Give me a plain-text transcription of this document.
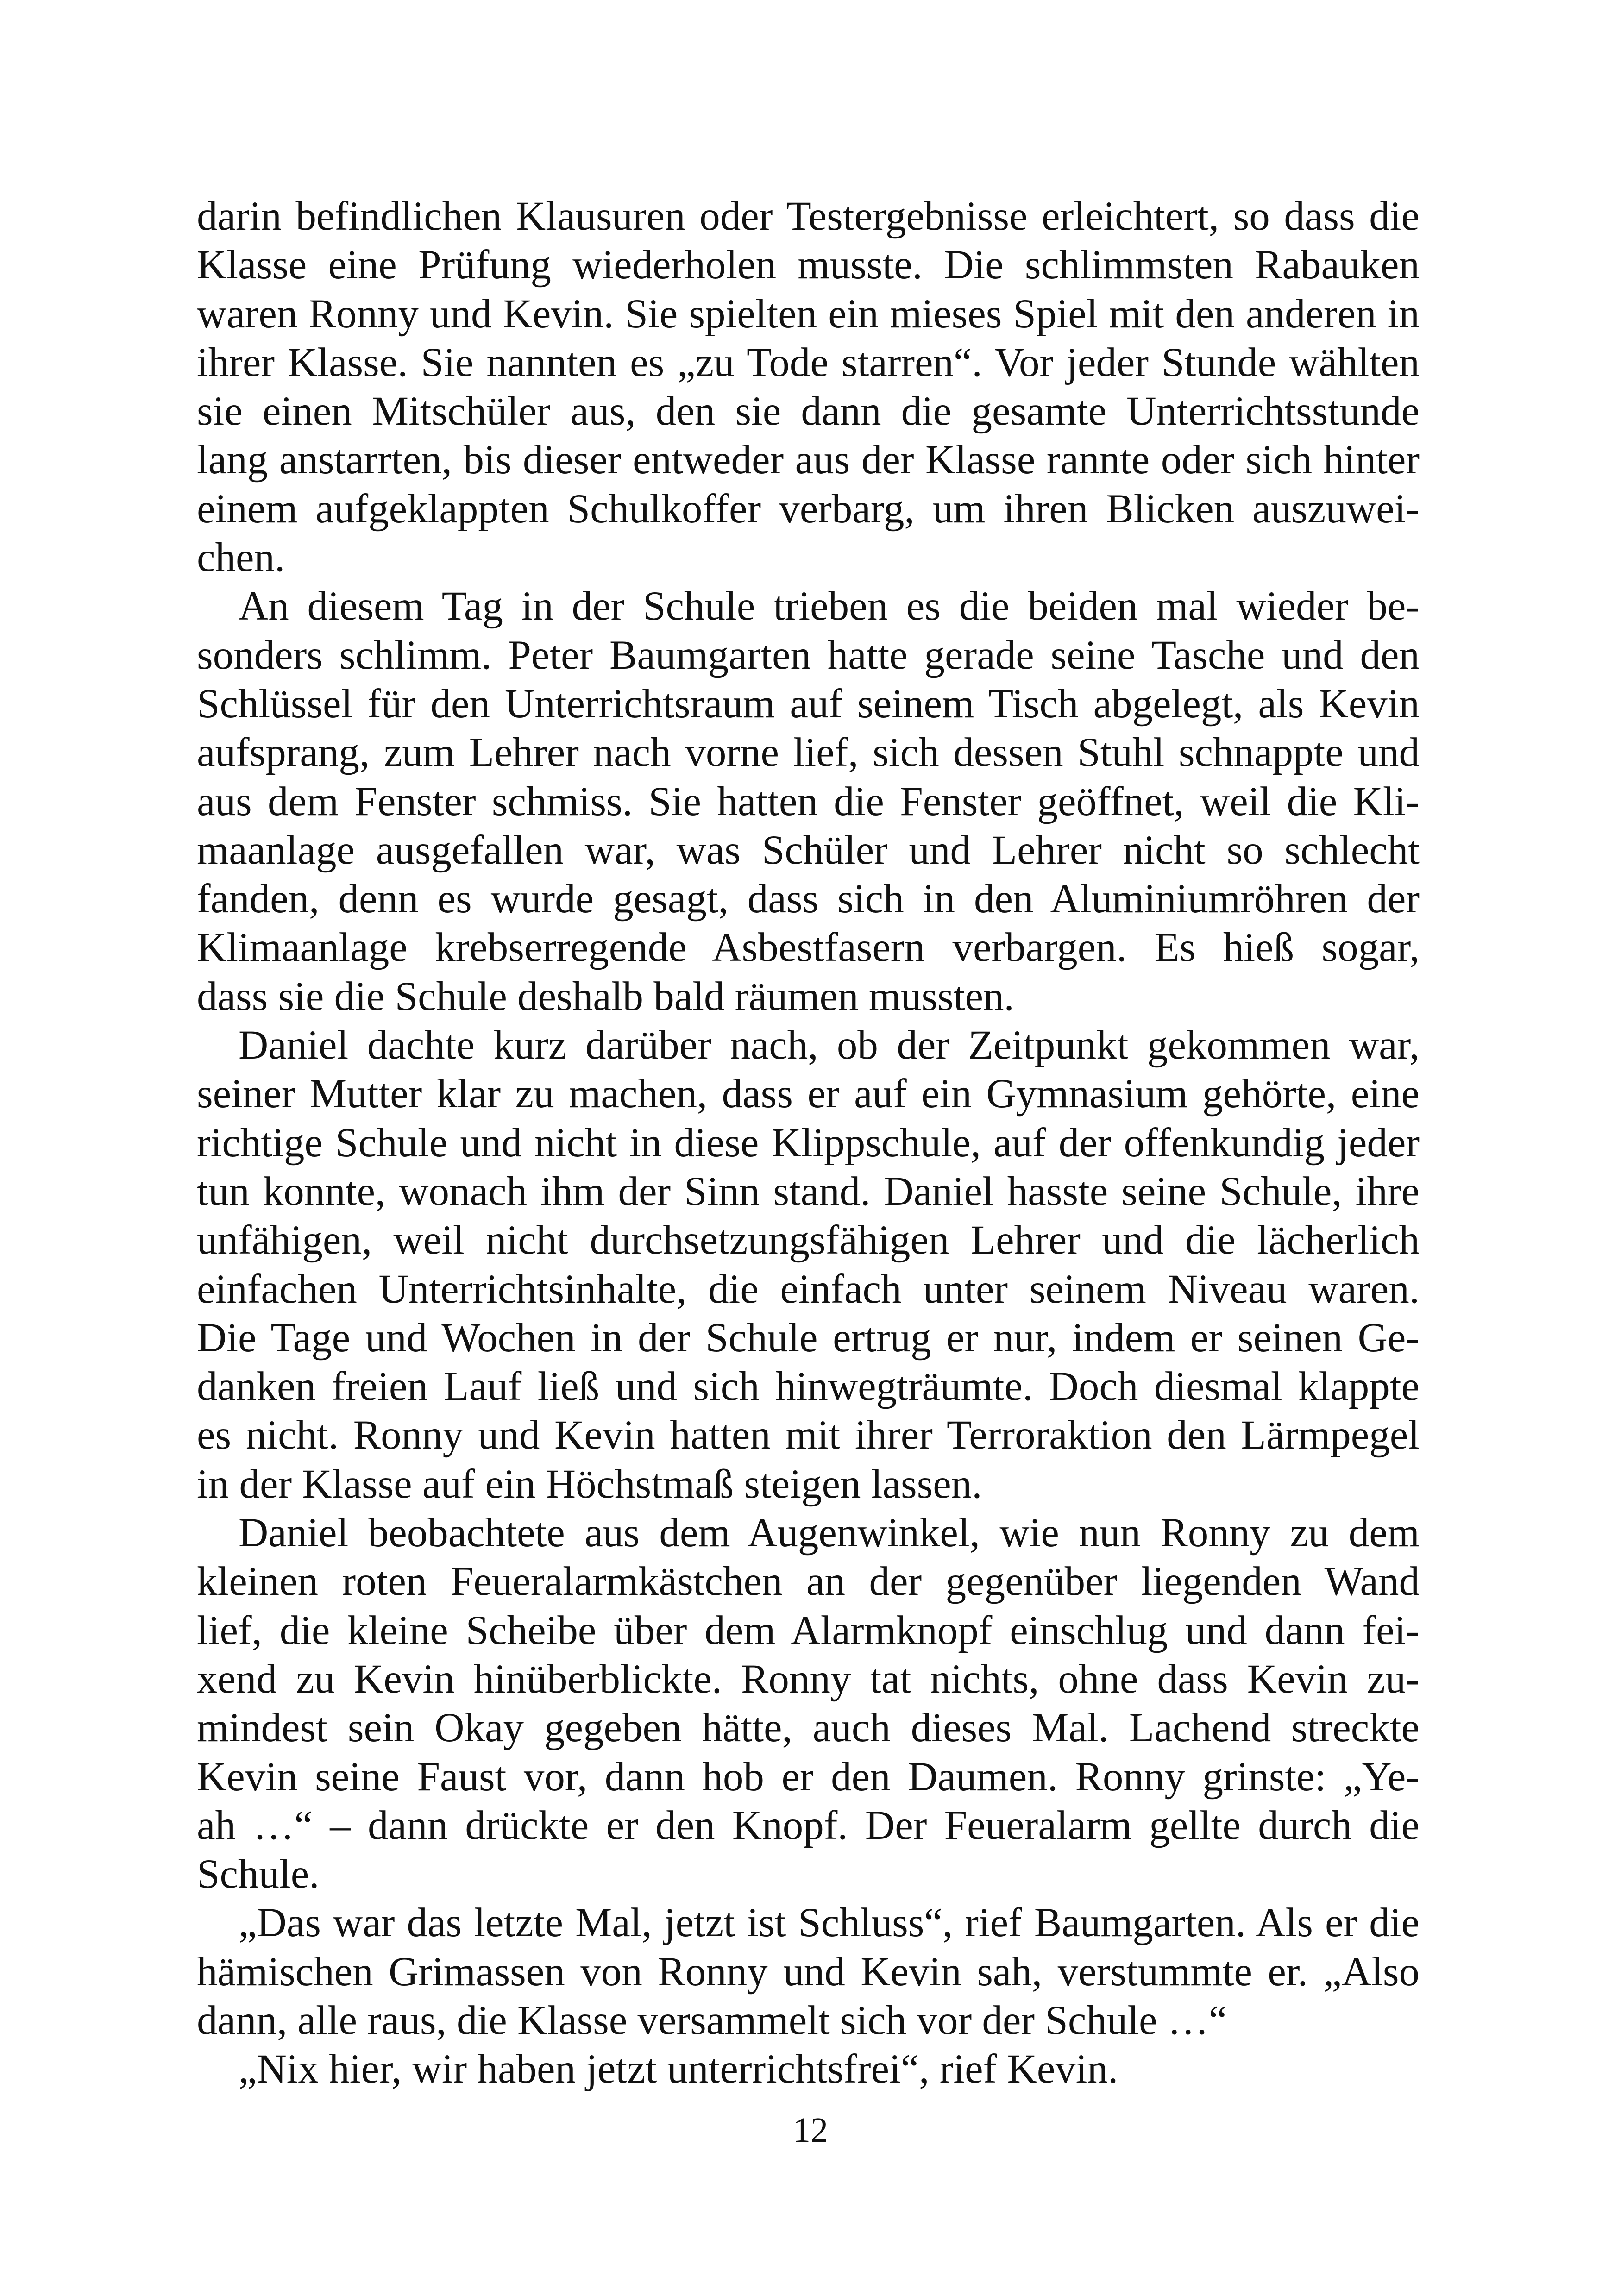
darin befindlichen Klausuren oder Testergebnisse erleichtert, so dass die
Klasse eine Prüfung wiederholen musste. Die schlimmsten Rabauken
waren Ronny und Kevin. Sie spielten ein mieses Spiel mit den anderen in
ihrer Klasse. Sie nannten es „zu Tode starren“. Vor jeder Stunde wählten
sie einen Mitschüler aus, den sie dann die gesamte Unterrichtsstunde
lang anstarrten, bis dieser entweder aus der Klasse rannte oder sich hinter
einem aufgeklappten Schulkoffer verbarg, um ihren Blicken auszuwei-
chen.
An diesem Tag in der Schule trieben es die beiden mal wieder be-
sonders schlimm. Peter Baumgarten hatte gerade seine Tasche und den
Schlüssel für den Unterrichtsraum auf seinem Tisch abgelegt, als Kevin
aufsprang, zum Lehrer nach vorne lief, sich dessen Stuhl schnappte und
aus dem Fenster schmiss. Sie hatten die Fenster geöffnet, weil die Kli-
maanlage ausgefallen war, was Schüler und Lehrer nicht so schlecht
fanden, denn es wurde gesagt, dass sich in den Aluminiumröhren der
Klimaanlage krebserregende Asbestfasern verbargen. Es hieß sogar,
dass sie die Schule deshalb bald räumen mussten.
Daniel dachte kurz darüber nach, ob der Zeitpunkt gekommen war,
seiner Mutter klar zu machen, dass er auf ein Gymnasium gehörte, eine
richtige Schule und nicht in diese Klippschule, auf der offenkundig jeder
tun konnte, wonach ihm der Sinn stand. Daniel hasste seine Schule, ihre
unfähigen, weil nicht durchsetzungsfähigen Lehrer und die lächerlich
einfachen Unterrichtsinhalte, die einfach unter seinem Niveau waren.
Die Tage und Wochen in der Schule ertrug er nur, indem er seinen Ge-
danken freien Lauf ließ und sich hinwegträumte. Doch diesmal klappte
es nicht. Ronny und Kevin hatten mit ihrer Terroraktion den Lärmpegel
in der Klasse auf ein Höchstmaß steigen lassen.
Daniel beobachtete aus dem Augenwinkel, wie nun Ronny zu dem
kleinen roten Feueralarmkästchen an der gegenüber liegenden Wand
lief, die kleine Scheibe über dem Alarmknopf einschlug und dann fei-
xend zu Kevin hinüberblickte. Ronny tat nichts, ohne dass Kevin zu-
mindest sein Okay gegeben hätte, auch dieses Mal. Lachend streckte
Kevin seine Faust vor, dann hob er den Daumen. Ronny grinste: „Ye-
ah …“ – dann drückte er den Knopf. Der Feueralarm gellte durch die
Schule.
„Das war das letzte Mal, jetzt ist Schluss“, rief Baumgarten. Als er die
hämischen Grimassen von Ronny und Kevin sah, verstummte er. „Also
dann, alle raus, die Klasse versammelt sich vor der Schule …“
„Nix hier, wir haben jetzt unterrichtsfrei“, rief Kevin.
12
